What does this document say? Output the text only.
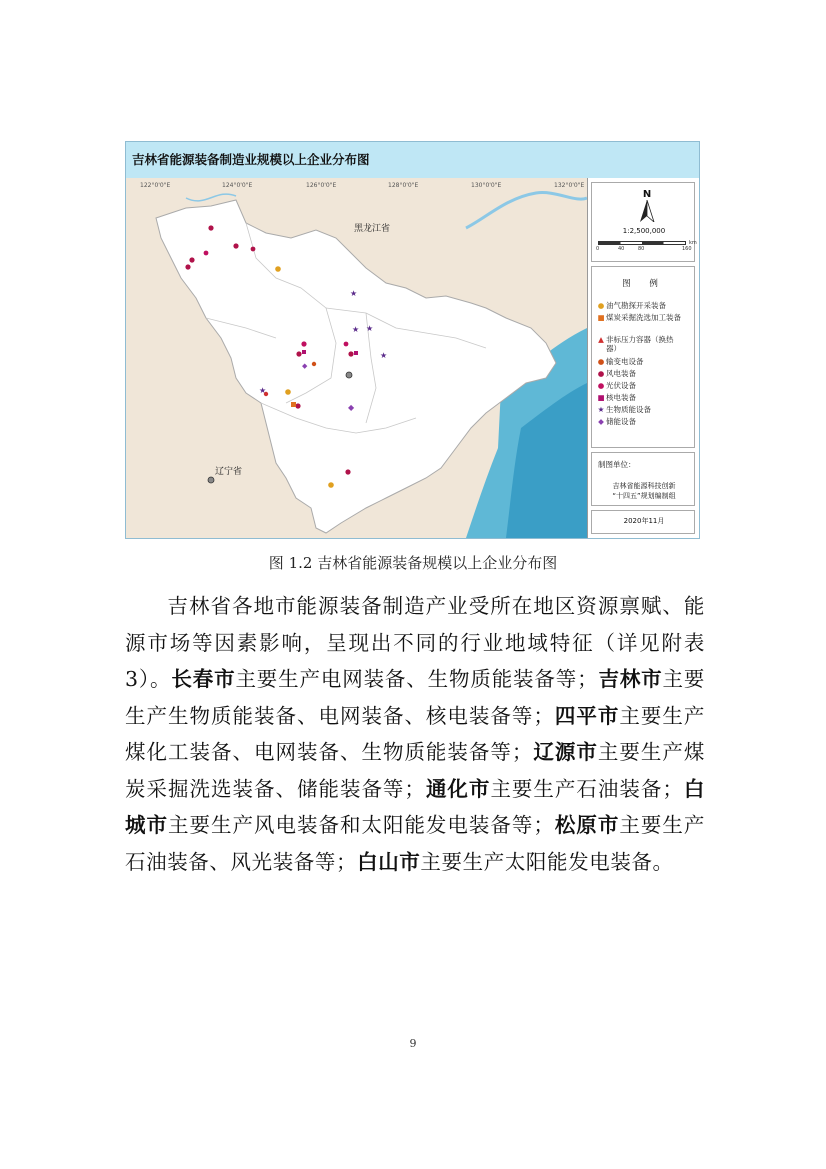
吉林省能源装备制造业规模以上企业分布图
★ ★
★
★
★
◆
◆
122°0'0"E	124°0'0"E	126°0'0"E	128°0'0"E	130°0'0"E	132°0'0"E
黑龙江省
辽宁省
N
1:2,500,000
0	40	80	160
km
图 例
● 油气勘探开采装备
■煤炭采掘洗选加工装备
▲ 非标压力容器（换热器）
● 输变电设备
● 风电装备
● 光伏设备
■核电装备
★ 生物质能设备
◆ 储能设备
制图单位：
吉林省能源科技创新
“十四五”规划编制组
2020年11月
图 1.2 吉林省能源装备规模以上企业分布图
吉林省各地市能源装备制造产业受所在地区资源禀赋、能源市场等因素影响，呈现出不同的行业地域特征（详见附表 3）。长春市主要生产电网装备、生物质能装备等；吉林市主要生产生物质能装备、电网装备、核电装备等；四平市主要生产煤化工装备、电网装备、生物质能装备等；辽源市主要生产煤炭采掘洗选装备、储能装备等；通化市主要生产石油装备；白城市主要生产风电装备和太阳能发电装备等；松原市主要生产石油装备、风光装备等；白山市主要生产太阳能发电装备。
9
